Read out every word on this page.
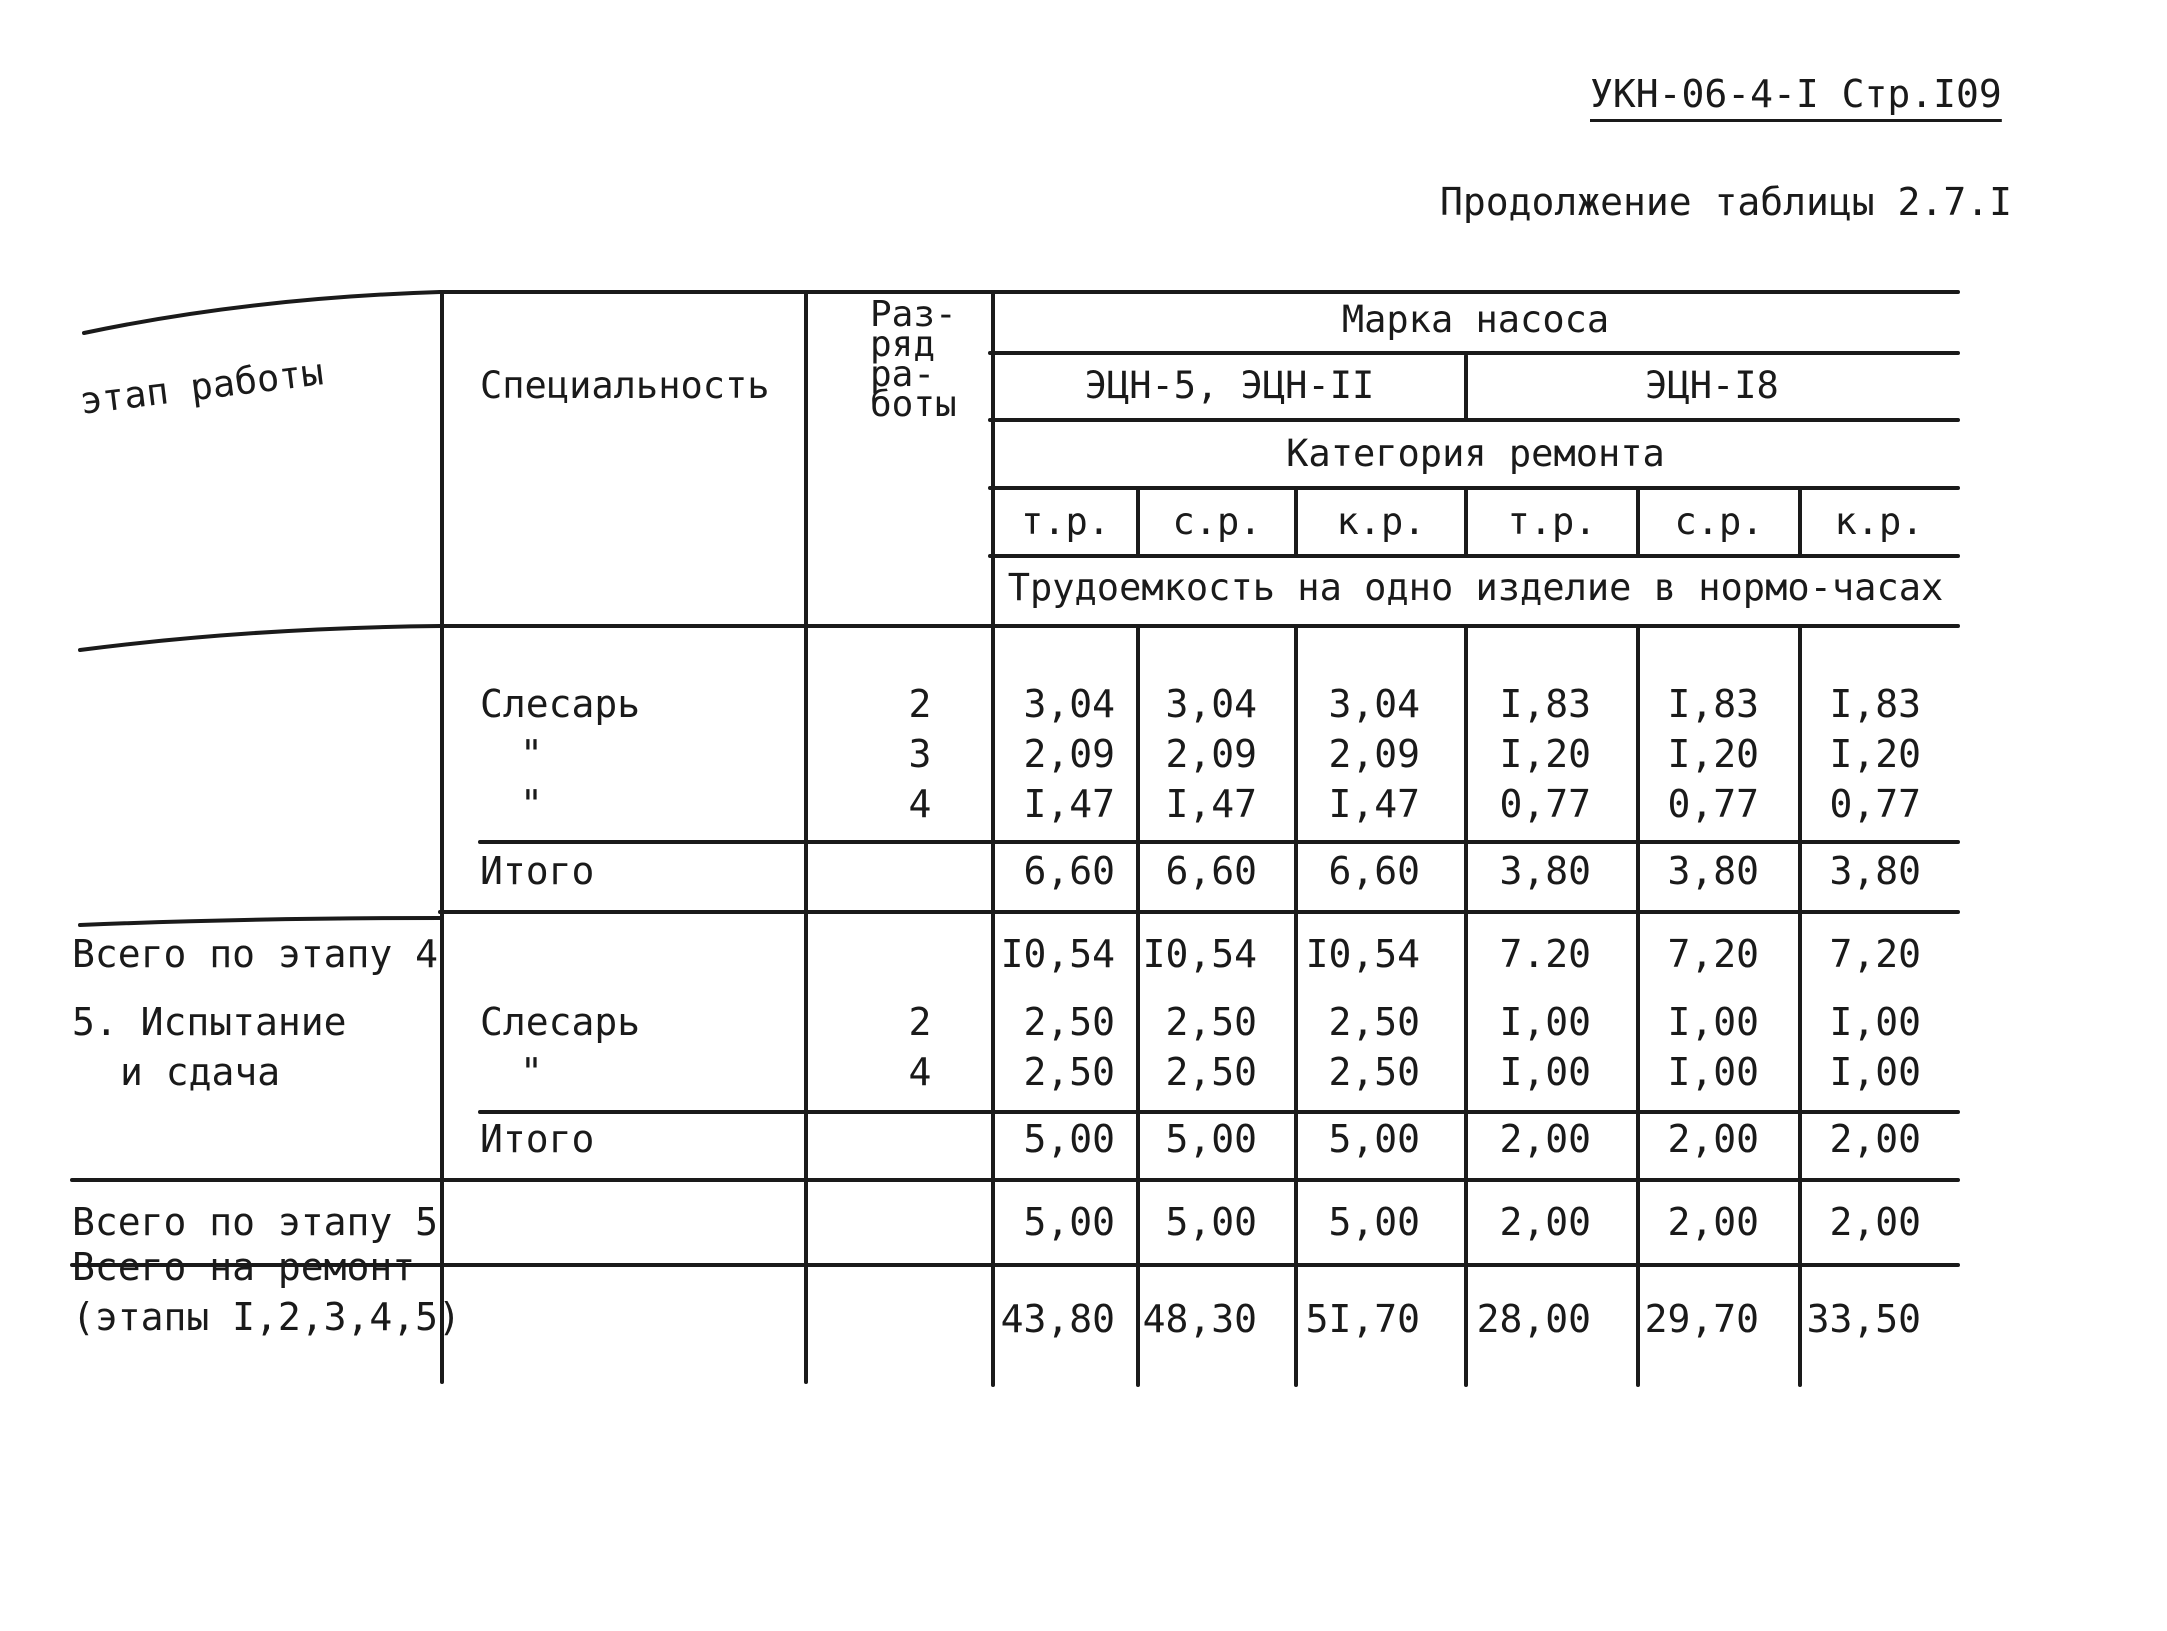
УКН-06-4-I Стр.I09
Продолжение таблицы 2.7.I
этап работы	Специальность
Раз-
ряд
ра-
боты
Марка насоса
ЭЦН-5, ЭЦН-II	ЭЦН-I8
Категория ремонта
т.р.	с.р.	к.р.	т.р.	с.р.	к.р.
Трудоемкость на одно изделие в нормо-часах
Слесарь	2	3,04	3,04	3,04	I,83	I,83	I,83
"	3	2,09	2,09	2,09	I,20	I,20	I,20
"	4	I,47	I,47	I,47	0,77	0,77	0,77
Итого	6,60	6,60	6,60	3,80	3,80	3,80
Всего по этапу 4	I0,54 I0,54	I0,54	7.20	7,20	7,20
5. Испытание	Слесарь	2	2,50	2,50	2,50	I,00	I,00	I,00
и сдача	"	4	2,50	2,50	2,50	I,00	I,00	I,00
Итого	5,00	5,00	5,00	2,00	2,00	2,00
Всего по этапу 5	5,00	5,00	5,00	2,00	2,00	2,00
Всего на ремонт
(этапы I,2,3,4,5)	43,80 48,30	5I,70	28,00	29,70	33,50
